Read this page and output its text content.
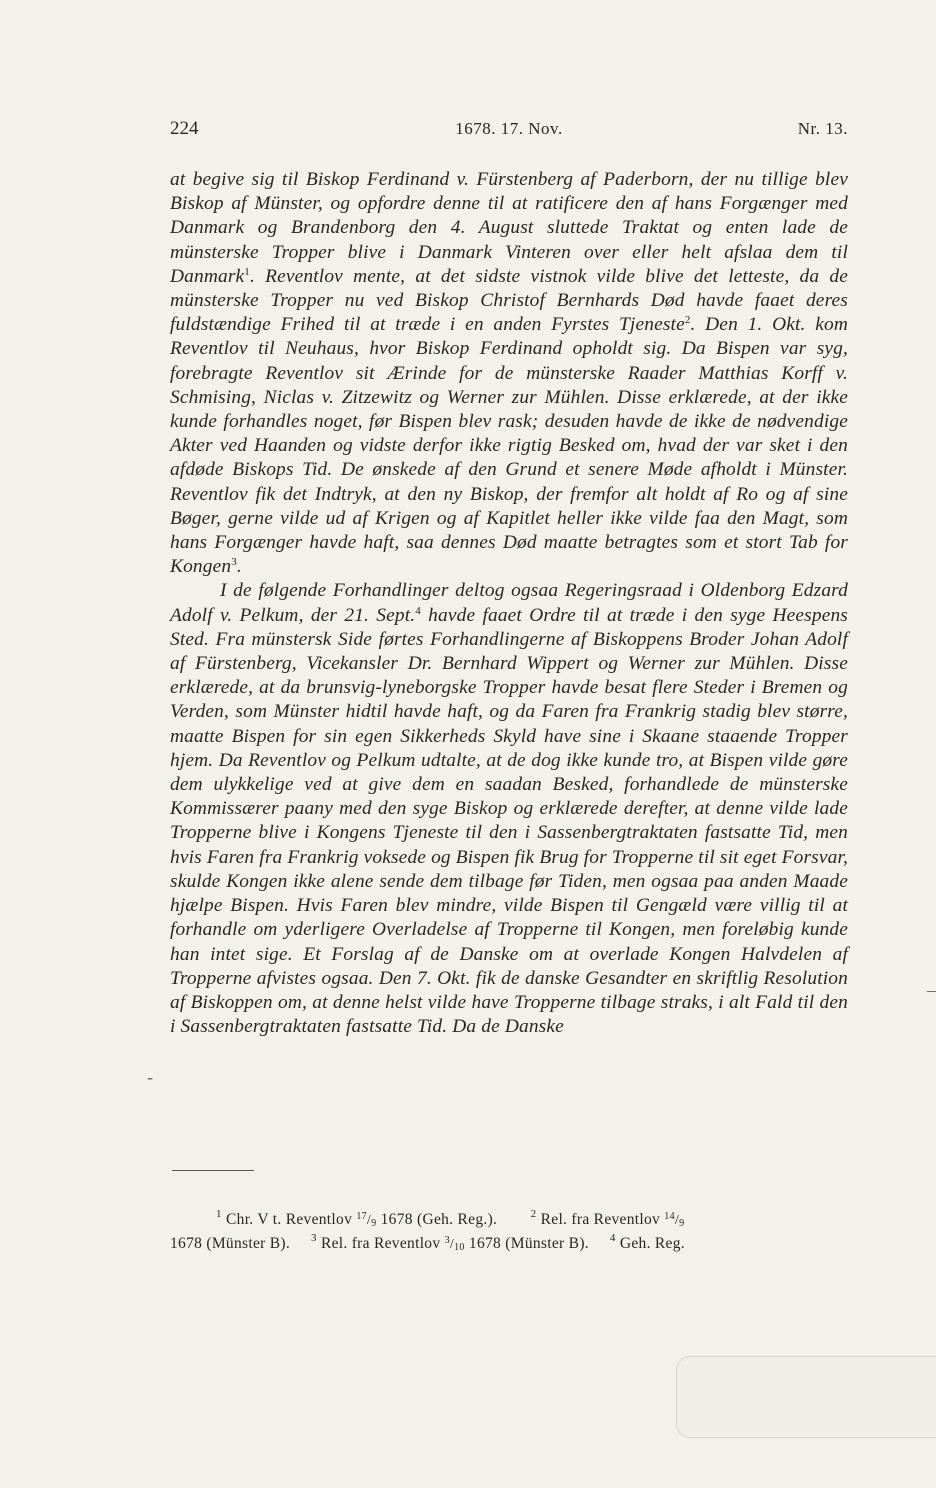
224	1678. 17. Nov.	Nr. 13.

at begive sig til Biskop Ferdinand v. Fürstenberg af Paderborn, der nu tillige blev Biskop af Münster, og opfordre denne til at ratificere den af hans Forgænger med Danmark og Brandenborg den 4. August sluttede Traktat og enten lade de münsterske Tropper blive i Danmark Vinteren over eller helt afslaa dem til Danmark$^1$. Reventlov mente, at det sidste vistnok vilde blive det letteste, da de münsterske Tropper nu ved Biskop Christof Bernhards Død havde faaet deres fuldstændige Frihed til at træde i en anden Fyrstes Tjeneste$^2$. Den 1. Okt. kom Reventlov til Neuhaus, hvor Biskop Ferdinand opholdt sig. Da Bispen var syg, forebragte Reventlov sit Ærinde for de münsterske Raader Matthias Korff v. Schmising, Niclas v. Zitzewitz og Werner zur Mühlen. Disse erklærede, at der ikke kunde forhandles noget, før Bispen blev rask; desuden havde de ikke de nødvendige Akter ved Haanden og vidste derfor ikke rigtig Besked om, hvad der var sket i den afdøde Biskops Tid. De ønskede af den Grund et senere Møde afholdt i Münster. Reventlov fik det Indtryk, at den ny Biskop, der fremfor alt holdt af Ro og af sine Bøger, gerne vilde ud af Krigen og af Kapitlet heller ikke vilde faa den Magt, som hans Forgænger havde haft, saa dennes Død maatte betragtes som et stort Tab for Kongen$^3$.

I de følgende Forhandlinger deltog ogsaa Regeringsraad i Oldenborg Edzard Adolf v. Pelkum, der 21. Sept.$^4$ havde faaet Ordre til at træde i den syge Heespens Sted. Fra münstersk Side førtes Forhandlingerne af Biskoppens Broder Johan Adolf af Fürstenberg, Vicekansler Dr. Bernhard Wippert og Werner zur Mühlen. Disse erklærede, at da brunsvig-lyneborgske Tropper havde besat flere Steder i Bremen og Verden, som Münster hidtil havde haft, og da Faren fra Frankrig stadig blev større, maatte Bispen for sin egen Sikkerheds Skyld have sine i Skaane staaende Tropper hjem. Da Reventlov og Pelkum udtalte, at de dog ikke kunde tro, at Bispen vilde gøre dem ulykkelige ved at give dem en saadan Besked, forhandlede de münsterske Kommissærer paany med den syge Biskop og erklærede derefter, at denne vilde lade Tropperne blive i Kongens Tjeneste til den i Sassenbergtraktaten fastsatte Tid, men hvis Faren fra Frankrig voksede og Bispen fik Brug for Tropperne til sit eget Forsvar, skulde Kongen ikke alene sende dem tilbage før Tiden, men ogsaa paa anden Maade hjælpe Bispen. Hvis Faren blev mindre, vilde Bispen til Gengæld være villig til at forhandle om yderligere Overladelse af Tropperne til Kongen, men foreløbig kunde han intet sige. Et Forslag af de Danske om at overlade Kongen Halvdelen af Tropperne afvistes ogsaa. Den 7. Okt. fik de danske Gesandter en skriftlig Resolution af Biskoppen om, at denne helst vilde have Tropperne tilbage straks, i alt Fald til den i Sassenbergtraktaten fastsatte Tid. Da de Danske

$^1$ Chr. V t. Reventlov $^{17}$/9 1678 (Geh. Reg.).	$^2$ Rel. fra Reventlov $^{14}$/9
1678 (Münster B). $^3$ Rel. fra Reventlov $^3$/10 1678 (Münster B). $^4$ Geh. Reg.
-
–
